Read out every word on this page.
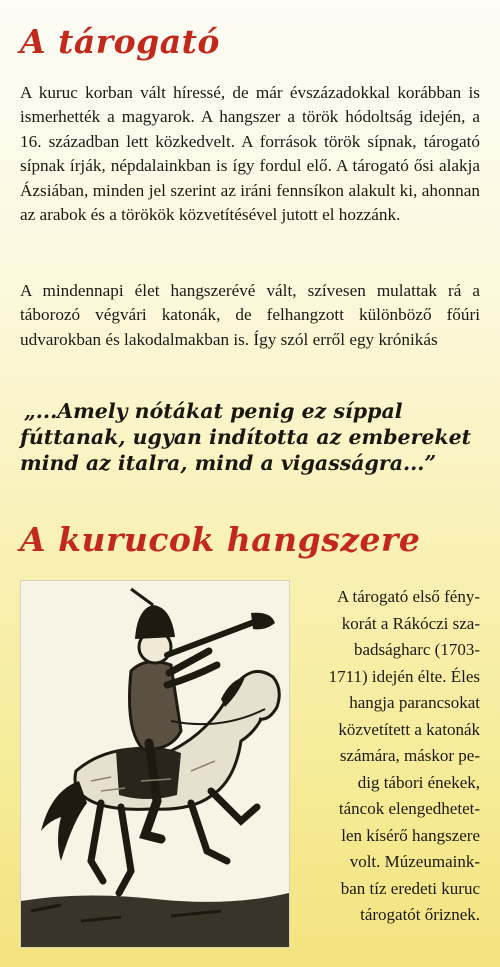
A tárogató

A kuruc korban vált híressé, de már évszázadokkal korábban is ismerhették a magyarok. A hangszer a török hódoltság idején, a 16. században lett közkedvelt. A források török sípnak, tárogató sípnak írják, népdalainkban is így fordul elő. A tárogató ősi alakja Ázsiában, minden jel szerint az iráni fennsíkon alakult ki, ahonnan az arabok és a törökök közvetítésével jutott el hozzánk.

A mindennapi élet hangszerévé vált, szívesen mulattak rá a táborozó végvári katonák, de felhangzott különböző főúri udvarokban és lakodalmakban is. Így szól erről egy krónikás

„...Amely nótákat penig ez síppal
fúttanak, ugyan indította az embereket
mind az italra, mind a vigasságra...”
A kurucok hangszere
A tárogató első fény-
korát a Rákóczi sza-
badságharc (1703-
1711) idején élte. Éles
hangja parancsokat
közvetített a katonák
számára, máskor pe-
dig tábori énekek,
táncok elengedhetet-
len kísérő hangszere
volt. Múzeumaink-
ban tíz eredeti kuruc
tárogatót őriznek.
